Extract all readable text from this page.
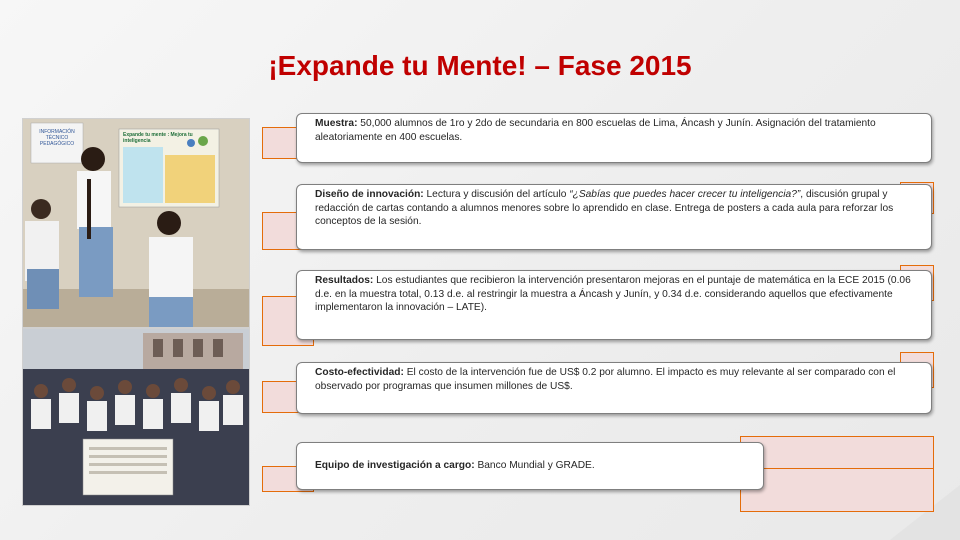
¡Expande tu Mente! – Fase 2015
INFORMACIÓN
TÉCNICO
PEDAGÓGICO
Expande tu mente : Mejora tu inteligencia
Muestra: 50,000 alumnos de 1ro y 2do de secundaria en 800 escuelas de Lima, Áncash y Junín. Asignación del tratamiento aleatoriamente en 400 escuelas.
Diseño de innovación: Lectura y discusión del artículo “¿Sabías que puedes hacer crecer tu inteligencia?”, discusión grupal y redacción de cartas contando a alumnos menores sobre lo aprendido en clase. Entrega de posters a cada aula para reforzar los conceptos de la sesión.
Resultados: Los estudiantes que recibieron la intervención presentaron mejoras en el puntaje de matemática en la ECE 2015 (0.06 d.e. en la muestra total, 0.13 d.e. al restringir la muestra a Áncash y Junín, y 0.34 d.e. considerando aquellos que efectivamente implementaron la innovación – LATE).
Costo-efectividad: El costo de la intervención fue de US$ 0.2 por alumno. El impacto es muy relevante al ser comparado con el observado por programas que insumen millones de US$.
Equipo de investigación a cargo: Banco Mundial y GRADE.
